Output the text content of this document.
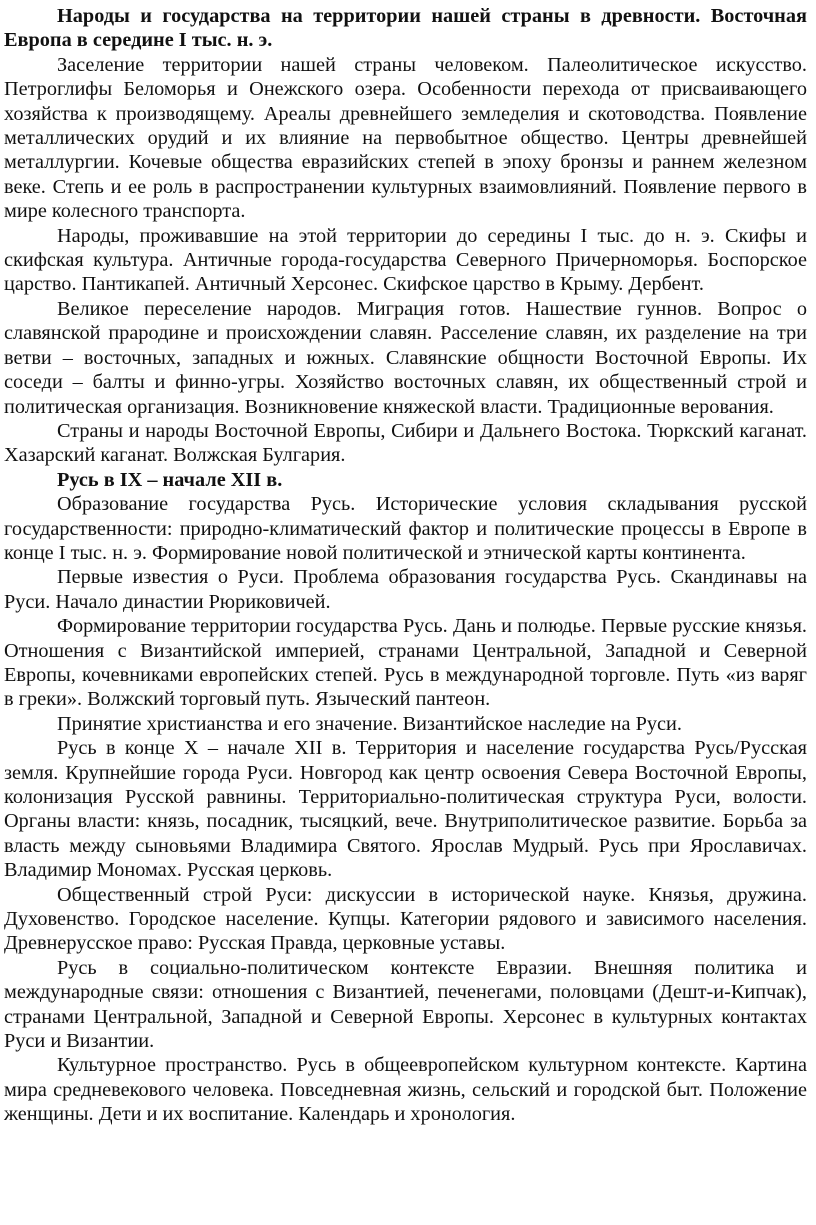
Народы и государства на территории нашей страны в древности. Восточная Европа в середине I тыс. н. э.

Заселение территории нашей страны человеком. Палеолитическое искусство. Петроглифы Беломорья и Онежского озера. Особенности перехода от присваивающего хозяйства к производящему. Ареалы древнейшего земледелия и скотоводства. Появление металлических орудий и их влияние на первобытное общество. Центры древнейшей металлургии. Кочевые общества евразийских степей в эпоху бронзы и раннем железном веке. Степь и ее роль в распространении культурных взаимовлияний. Появление первого в мире колесного транспорта.

Народы, проживавшие на этой территории до середины I тыс. до н. э. Скифы и скифская культура. Античные города-государства Северного Причерноморья. Боспорское царство. Пантикапей. Античный Херсонес. Скифское царство в Крыму. Дербент.

Великое переселение народов. Миграция готов. Нашествие гуннов. Вопрос о славянской прародине и происхождении славян. Расселение славян, их разделение на три ветви – восточных, западных и южных. Славянские общности Восточной Европы. Их соседи – балты и финно-угры. Хозяйство восточных славян, их общественный строй и политическая организация. Возникновение княжеской власти. Традиционные верования.

Страны и народы Восточной Европы, Сибири и Дальнего Востока. Тюркский каганат. Хазарский каганат. Волжская Булгария.

Русь в IX – начале XII в.

Образование государства Русь. Исторические условия складывания русской государственности: природно-климатический фактор и политические процессы в Европе в конце I тыс. н. э. Формирование новой политической и этнической карты континента.

Первые известия о Руси. Проблема образования государства Русь. Скандинавы на Руси. Начало династии Рюриковичей.

Формирование территории государства Русь. Дань и полюдье. Первые русские князья. Отношения с Византийской империей, странами Центральной, Западной и Северной Европы, кочевниками европейских степей. Русь в международной торговле. Путь «из варяг в греки». Волжский торговый путь. Языческий пантеон.

Принятие христианства и его значение. Византийское наследие на Руси.

Русь в конце X – начале XII в. Территория и население государства Русь/Русская земля. Крупнейшие города Руси. Новгород как центр освоения Севера Восточной Европы, колонизация Русской равнины. Территориально-политическая структура Руси, волости. Органы власти: князь, посадник, тысяцкий, вече. Внутриполитическое развитие. Борьба за власть между сыновьями Владимира Святого. Ярослав Мудрый. Русь при Ярославичах. Владимир Мономах. Русская церковь.

Общественный строй Руси: дискуссии в исторической науке. Князья, дружина. Духовенство. Городское население. Купцы. Категории рядового и зависимого населения. Древнерусское право: Русская Правда, церковные уставы.

Русь в социально-политическом контексте Евразии. Внешняя политика и международные связи: отношения с Византией, печенегами, половцами (Дешт-и-Кипчак), странами Центральной, Западной и Северной Европы. Херсонес в культурных контактах Руси и Византии.

Культурное пространство. Русь в общеевропейском культурном контексте. Картина мира средневекового человека. Повседневная жизнь, сельский и городской быт. Положение женщины. Дети и их воспитание. Календарь и хронология.
